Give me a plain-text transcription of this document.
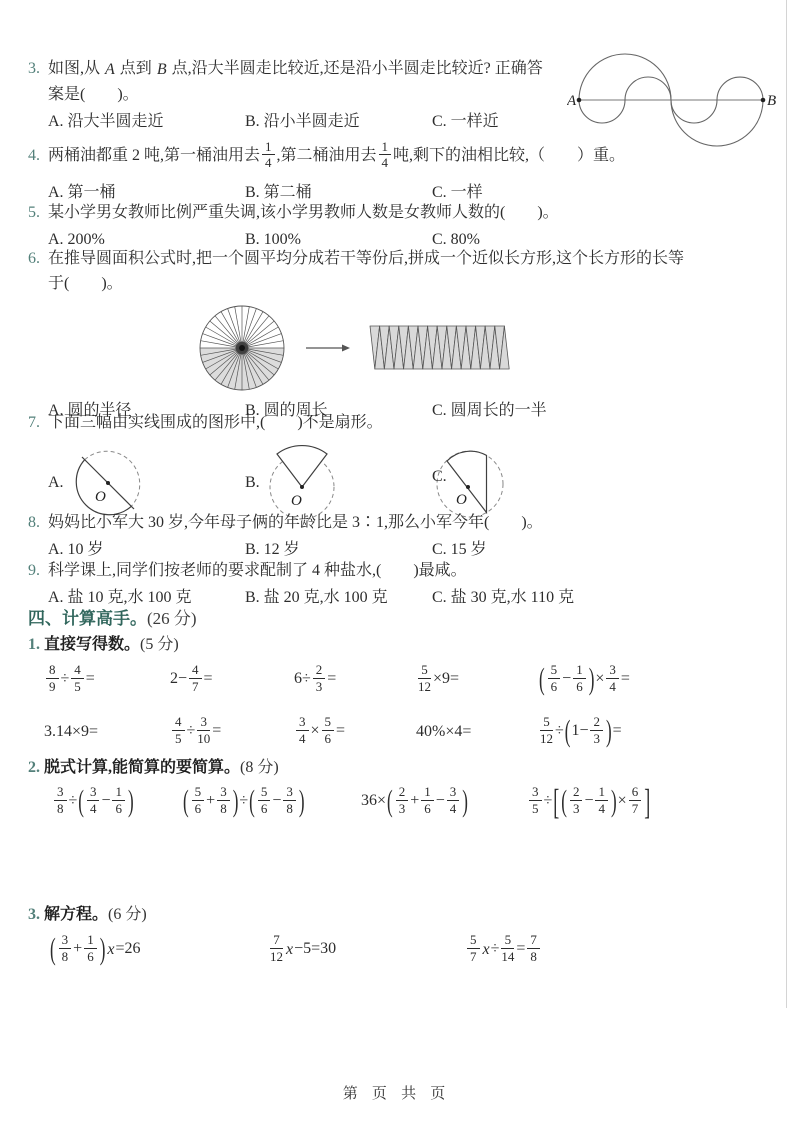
3. 如图,从 A 点到 B 点,沿大半圆走比较近,还是沿小半圆走比较近? 正确答
案是(　　)。
A. 沿大半圆走近	B. 沿小半圆走近	C. 一样近
A	B
4. 两桶油都重 2 吨,第一桶油用去 $\frac{1}{4}$ ,第二桶油用去 $\frac{1}{4}$ 吨,剩下的油相比较,（　　）重。
A. 第一桶	B. 第二桶	C. 一样
5. 某小学男女教师比例严重失调,该小学男教师人数是女教师人数的(　　)。
A. 200%	B. 100%	C. 80%
6. 在推导圆面积公式时,把一个圆平均分成若干等份后,拼成一个近似长方形,这个长方形的长等
于(　　)。
A. 圆的半径	B. 圆的周长	C. 圆周长的一半
7. 下面三幅由实线围成的图形中,(　　)不是扇形。
A.
O
B.
O	O
C.
8. 妈妈比小军大 30 岁,今年母子俩的年龄比是 3∶1,那么小军今年(　　)。
A. 10 岁	B. 12 岁	C. 15 岁
9. 科学课上,同学们按老师的要求配制了 4 种盐水,(　　)最咸。
A. 盐 10 克,水 100 克	B. 盐 20 克,水 100 克	C. 盐 30 克,水 110 克
四、计算高手。(26 分)
1. 直接写得数。(5 分)
$\frac{8}{9} \div \frac{4}{5}$ =	$2- \frac{4}{7}$ =	$6\div \frac{2}{3}$ =	$\frac{5}{12} \times 9=$	( $\frac{5}{6} - \frac{1}{6}$ )× $\frac{3}{4}$ =
3.14×9=	$\frac{4}{5} \div \frac{3}{10}$ =	$\frac{3}{4} \times \frac{5}{6}$ =	40%×4=	$\frac{5}{12} \div(1- \frac{2}{3}$ )=
2. 脱式计算,能简算的要简算。(8 分)
$\frac{3}{8}$ ÷( $\frac{3}{4} - \frac{1}{6}$ )	( $\frac{5}{6} + \frac{3}{8}$ )÷( $\frac{5}{6} - \frac{3}{8}$ )	$36\times( \frac{2}{3} + \frac{1}{6} - \frac{3}{4}$ )	$\frac{3}{5}$ ÷[ ( $\frac{2}{3} - \frac{1}{4}$ )× $\frac{6}{7}$ ]
3. 解方程。(6 分)
( $\frac{3}{8} + \frac{1}{6}$ ) x=26	$\frac{7}{12} x-5=30$	$\frac{5}{7} x\div \frac{5}{14} = \frac{7}{8}$
第 页 共 页
